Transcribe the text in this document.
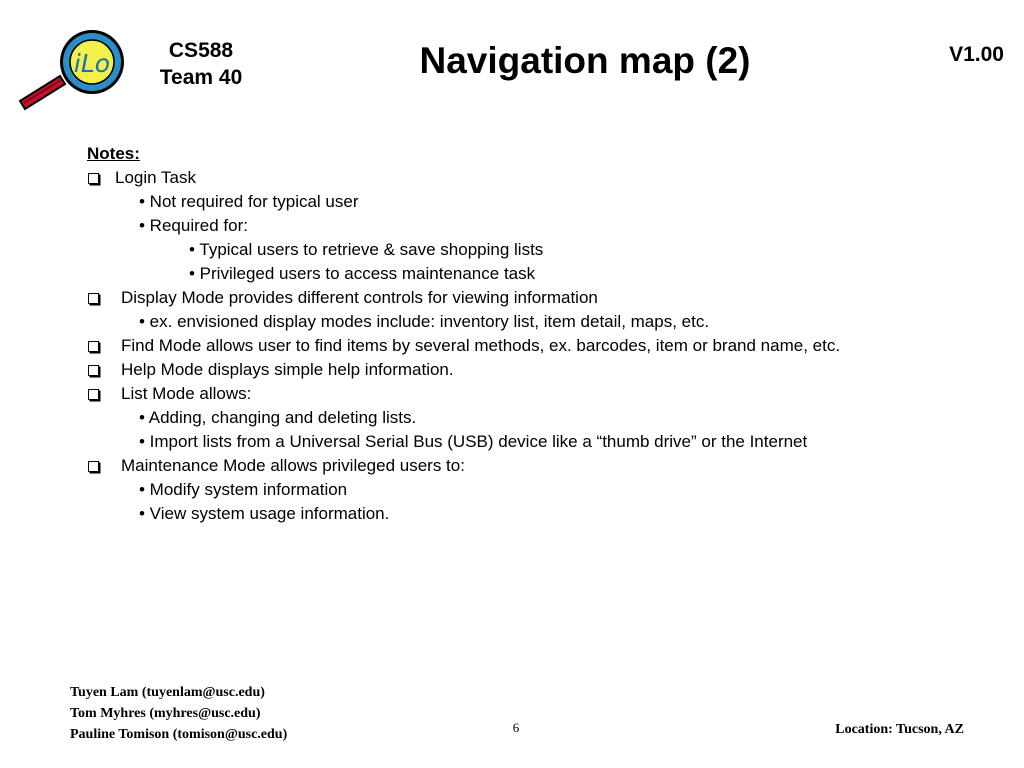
iLo	CS588
Team 40	Navigation map (2)	V1.00
Notes:
Login Task
• Not required for typical user
• Required for:
• Typical users to retrieve & save shopping lists
• Privileged users to access maintenance task
Display Mode provides different controls for viewing information
• ex. envisioned display modes include: inventory list, item detail, maps, etc.
Find Mode allows user to find items by several methods, ex. barcodes, item or brand name, etc.
Help Mode displays simple help information.
List Mode allows:
• Adding, changing and deleting lists.
• Import lists from a Universal Serial Bus (USB) device like a “thumb drive” or the Internet
Maintenance Mode allows privileged users to:
• Modify system information
• View system usage information.
Tuyen Lam (tuyenlam@usc.edu)
Tom Myhres (myhres@usc.edu)
Pauline Tomison (tomison@usc.edu)	6	Location: Tucson, AZ
